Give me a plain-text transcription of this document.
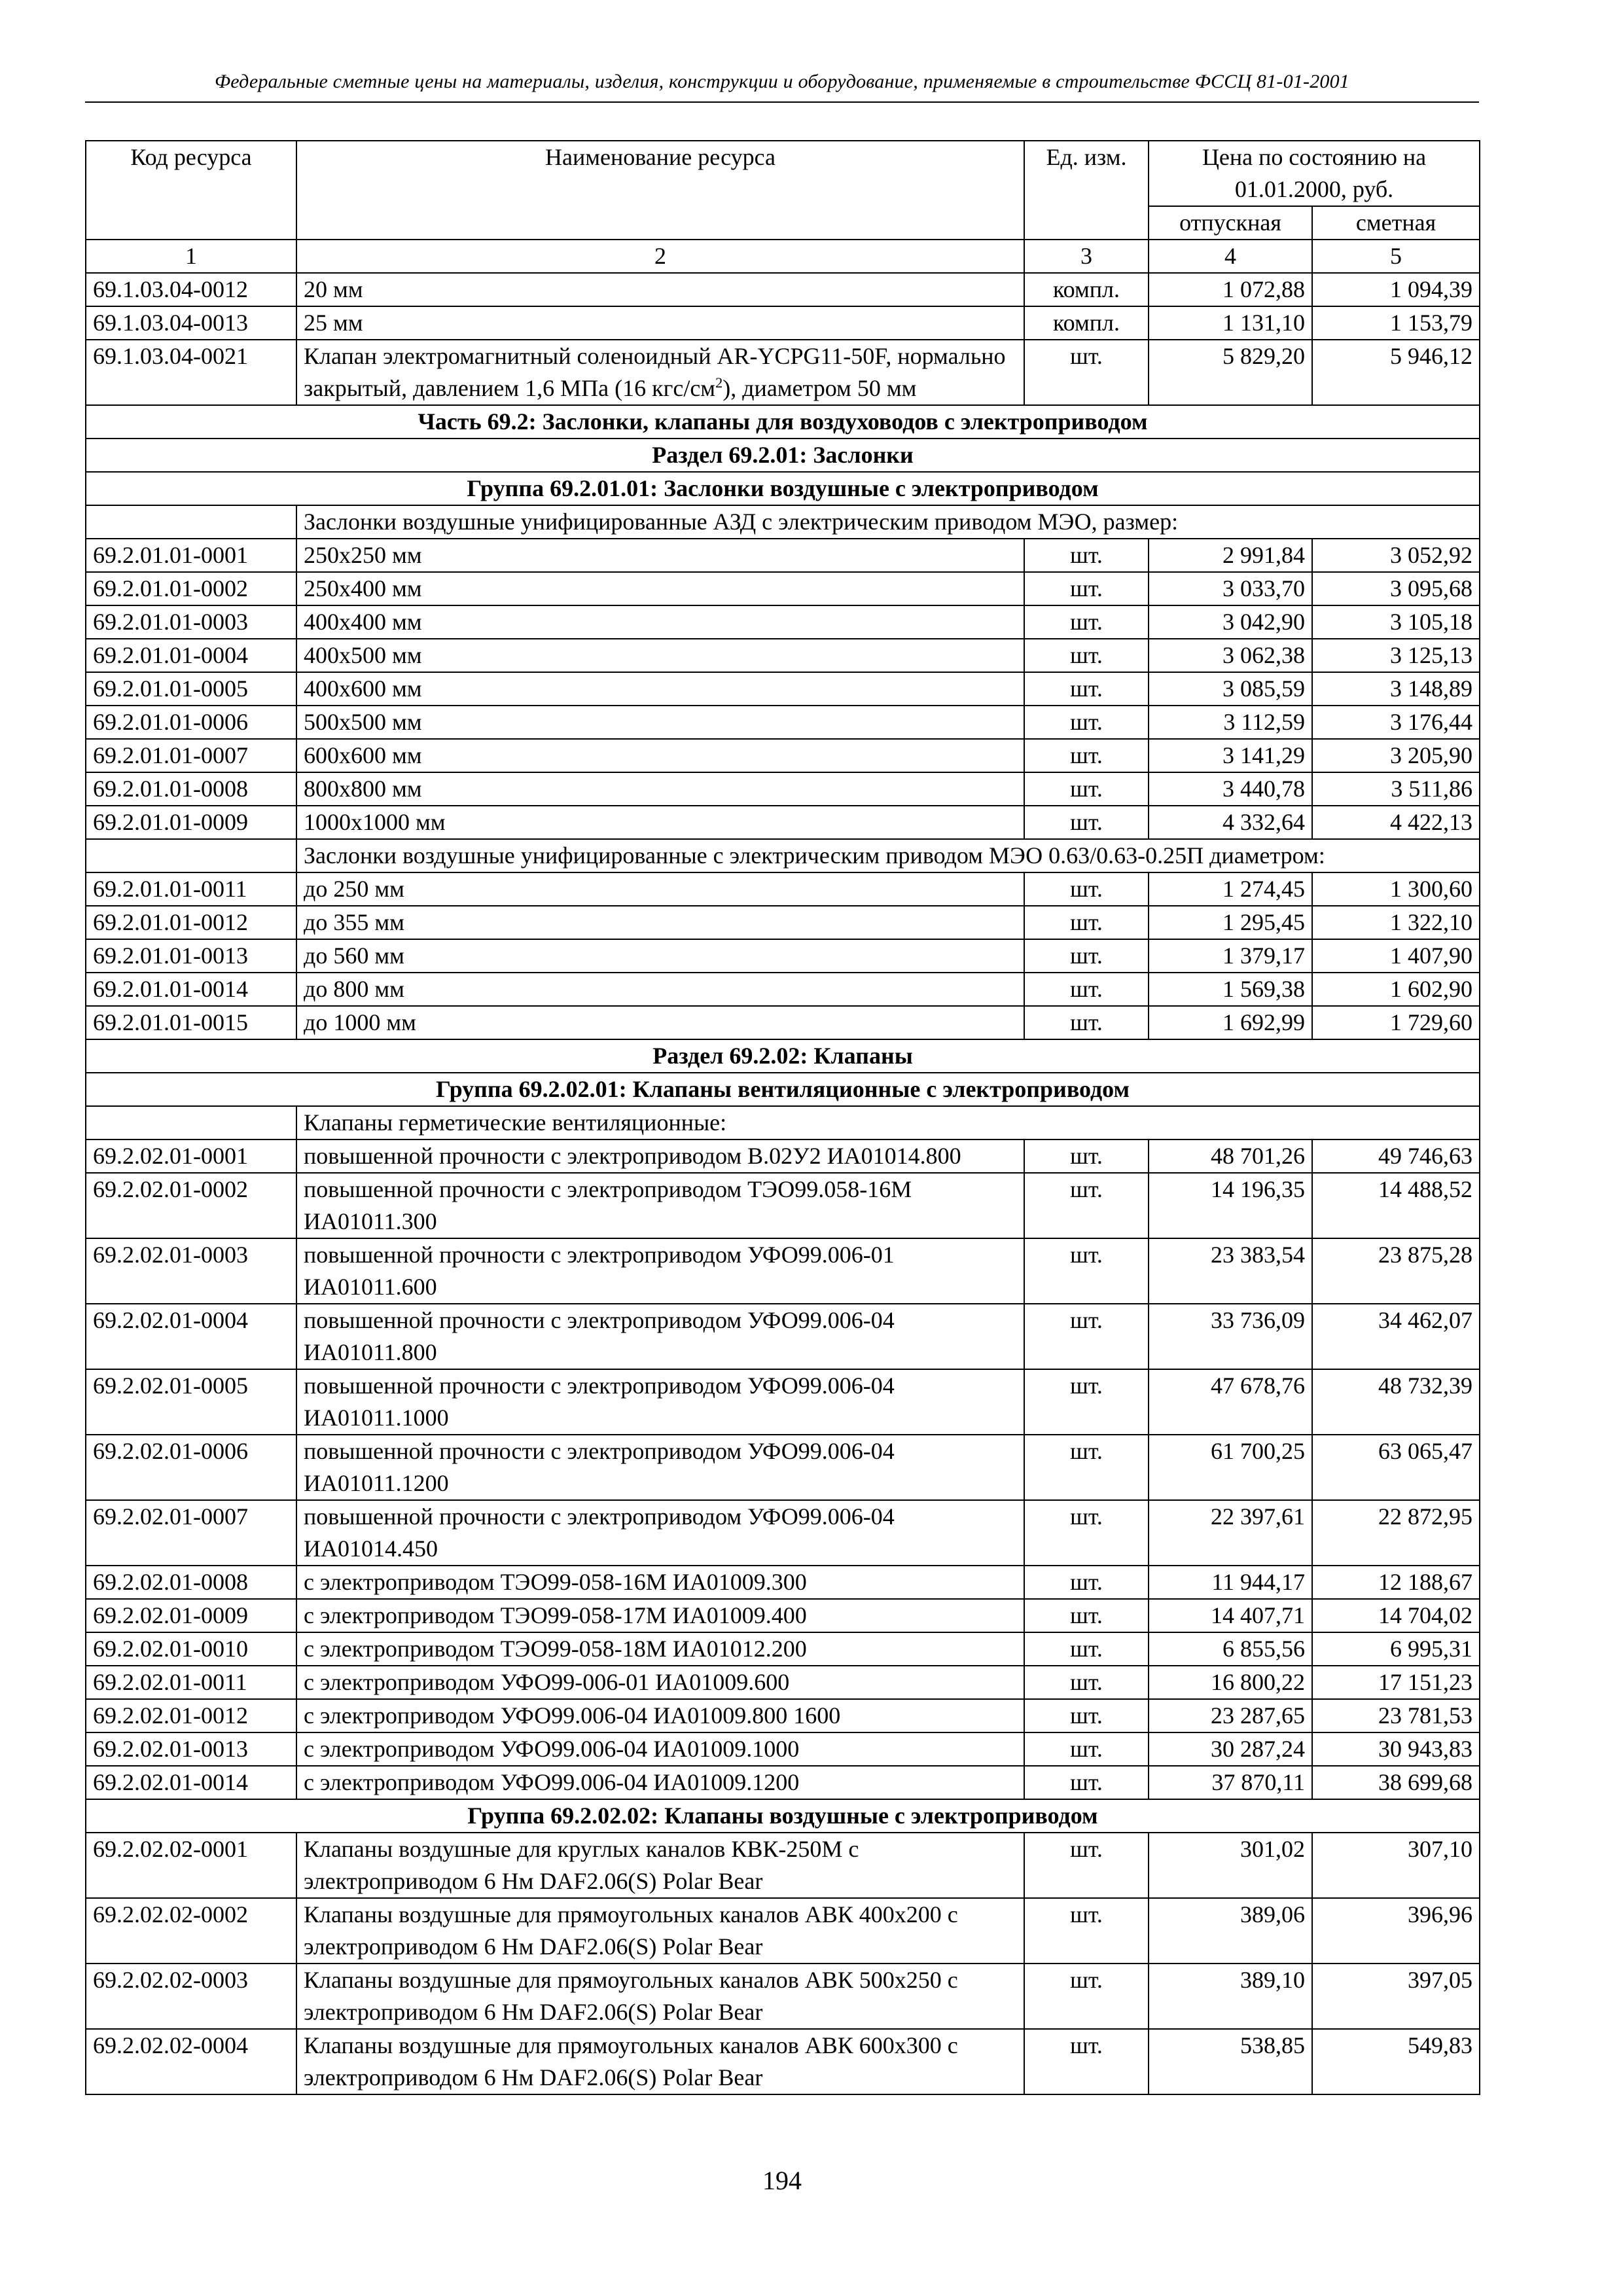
Федеральные сметные цены на материалы, изделия, конструкции и оборудование, применяемые в строительстве ФССЦ 81-01-2001
Код ресурса	Наименование ресурса	Ед. изм.	Цена по состоянию на 01.01.2000, руб.	
			отпускная	сметная
1	2	3	4	5
69.1.03.04-0012	20 мм	компл.	1 072,88	1 094,39
69.1.03.04-0013	25 мм	компл.	1 131,10	1 153,79
69.1.03.04-0021	Клапан электромагнитный соленоидный AR-YCPG11-50F, нормально закрытый, давлением 1,6 МПа (16 кгс/$см^2$), диаметром 50 мм	шт.	5 829,20	5 946,12
Часть 69.2: Заслонки, клапаны для воздуховодов с электроприводом				
Раздел 69.2.01: Заслонки				
Группа 69.2.01.01: Заслонки воздушные с электроприводом				
	Заслонки воздушные унифицированные АЗД с электрическим приводом МЭО, размер:			
69.2.01.01-0001	250х250 мм	шт.	2 991,84	3 052,92
69.2.01.01-0002	250х400 мм	шт.	3 033,70	3 095,68
69.2.01.01-0003	400х400 мм	шт.	3 042,90	3 105,18
69.2.01.01-0004	400х500 мм	шт.	3 062,38	3 125,13
69.2.01.01-0005	400х600 мм	шт.	3 085,59	3 148,89
69.2.01.01-0006	500х500 мм	шт.	3 112,59	3 176,44
69.2.01.01-0007	600х600 мм	шт.	3 141,29	3 205,90
69.2.01.01-0008	800х800 мм	шт.	3 440,78	3 511,86
69.2.01.01-0009	1000х1000 мм	шт.	4 332,64	4 422,13
	Заслонки воздушные унифицированные с электрическим приводом МЭО 0.63/0.63-0.25П диаметром:			
69.2.01.01-0011	до 250 мм	шт.	1 274,45	1 300,60
69.2.01.01-0012	до 355 мм	шт.	1 295,45	1 322,10
69.2.01.01-0013	до 560 мм	шт.	1 379,17	1 407,90
69.2.01.01-0014	до 800 мм	шт.	1 569,38	1 602,90
69.2.01.01-0015	до 1000 мм	шт.	1 692,99	1 729,60
Раздел 69.2.02: Клапаны				
Группа 69.2.02.01: Клапаны вентиляционные с электроприводом				
	Клапаны герметические вентиляционные:			
69.2.02.01-0001	повышенной прочности с электроприводом В.02У2 ИА01014.800	шт.	48 701,26	49 746,63
69.2.02.01-0002	повышенной прочности с электроприводом ТЭО99.058-16М ИА01011.300	шт.	14 196,35	14 488,52
69.2.02.01-0003	повышенной прочности с электроприводом УФО99.006-01 ИА01011.600	шт.	23 383,54	23 875,28
69.2.02.01-0004	повышенной прочности с электроприводом УФО99.006-04 ИА01011.800	шт.	33 736,09	34 462,07
69.2.02.01-0005	повышенной прочности с электроприводом УФО99.006-04 ИА01011.1000	шт.	47 678,76	48 732,39
69.2.02.01-0006	повышенной прочности с электроприводом УФО99.006-04 ИА01011.1200	шт.	61 700,25	63 065,47
69.2.02.01-0007	повышенной прочности с электроприводом УФО99.006-04 ИА01014.450	шт.	22 397,61	22 872,95
69.2.02.01-0008	с электроприводом ТЭО99-058-16М ИА01009.300	шт.	11 944,17	12 188,67
69.2.02.01-0009	с электроприводом ТЭО99-058-17М ИА01009.400	шт.	14 407,71	14 704,02
69.2.02.01-0010	с электроприводом ТЭО99-058-18М ИА01012.200	шт.	6 855,56	6 995,31
69.2.02.01-0011	с электроприводом УФО99-006-01 ИА01009.600	шт.	16 800,22	17 151,23
69.2.02.01-0012	с электроприводом УФО99.006-04 ИА01009.800 1600	шт.	23 287,65	23 781,53
69.2.02.01-0013	с электроприводом УФО99.006-04 ИА01009.1000	шт.	30 287,24	30 943,83
69.2.02.01-0014	с электроприводом УФО99.006-04 ИА01009.1200	шт.	37 870,11	38 699,68
Группа 69.2.02.02: Клапаны воздушные с электроприводом				
69.2.02.02-0001	Клапаны воздушные для круглых каналов КВК-250М с электроприводом 6 Нм DAF2.06(S) Polar Bear	шт.	301,02	307,10
69.2.02.02-0002	Клапаны воздушные для прямоугольных каналов АВК 400х200 с электроприводом 6 Нм DAF2.06(S) Polar Bear	шт.	389,06	396,96
69.2.02.02-0003	Клапаны воздушные для прямоугольных каналов АВК 500х250 с электроприводом 6 Нм DAF2.06(S) Polar Bear	шт.	389,10	397,05
69.2.02.02-0004	Клапаны воздушные для прямоугольных каналов АВК 600х300 с электроприводом 6 Нм DAF2.06(S) Polar Bear	шт.	538,85	549,83
194
